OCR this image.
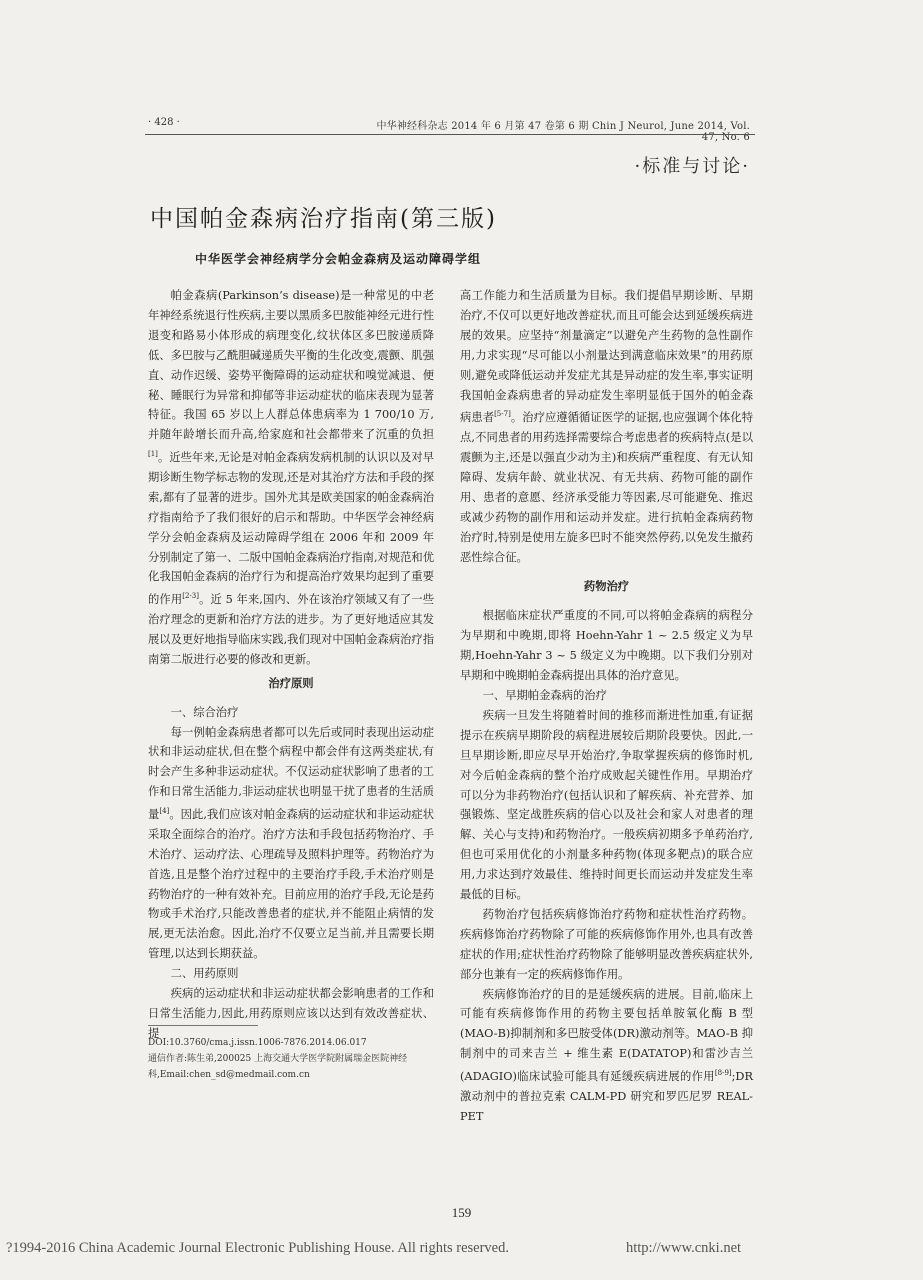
· 428 ·	中华神经科杂志 2014 年 6 月第 47 卷第 6 期 Chin J Neurol, June 2014, Vol. 47, No. 6
·标准与讨论·
中国帕金森病治疗指南(第三版)
中华医学会神经病学分会帕金森病及运动障碍学组

帕金森病(Parkinson’s disease)是一种常见的中老年神经系统退行性疾病,主要以黑质多巴胺能神经元进行性退变和路易小体形成的病理变化,纹状体区多巴胺递质降低、多巴胺与乙酰胆碱递质失平衡的生化改变,震颤、肌强直、动作迟缓、姿势平衡障碍的运动症状和嗅觉减退、便秘、睡眠行为异常和抑郁等非运动症状的临床表现为显著特征。我国 65 岁以上人群总体患病率为 1 700/10 万,并随年龄增长而升高,给家庭和社会都带来了沉重的负担[1]。近些年来,无论是对帕金森病发病机制的认识以及对早期诊断生物学标志物的发现,还是对其治疗方法和手段的探索,都有了显著的进步。国外尤其是欧美国家的帕金森病治疗指南给予了我们很好的启示和帮助。中华医学会神经病学分会帕金森病及运动障碍学组在 2006 年和 2009 年分别制定了第一、二版中国帕金森病治疗指南,对规范和优化我国帕金森病的治疗行为和提高治疗效果均起到了重要的作用[2-3]。近 5 年来,国内、外在该治疗领域又有了一些治疗理念的更新和治疗方法的进步。为了更好地适应其发展以及更好地指导临床实践,我们现对中国帕金森病治疗指南第二版进行必要的修改和更新。

治疗原则

一、综合治疗

每一例帕金森病患者都可以先后或同时表现出运动症状和非运动症状,但在整个病程中都会伴有这两类症状,有时会产生多种非运动症状。不仅运动症状影响了患者的工作和日常生活能力,非运动症状也明显干扰了患者的生活质量[4]。因此,我们应该对帕金森病的运动症状和非运动症状采取全面综合的治疗。治疗方法和手段包括药物治疗、手术治疗、运动疗法、心理疏导及照料护理等。药物治疗为首选,且是整个治疗过程中的主要治疗手段,手术治疗则是药物治疗的一种有效补充。目前应用的治疗手段,无论是药物或手术治疗,只能改善患者的症状,并不能阻止病情的发展,更无法治愈。因此,治疗不仅要立足当前,并且需要长期管理,以达到长期获益。

二、用药原则

疾病的运动症状和非运动症状都会影响患者的工作和日常生活能力,因此,用药原则应该以达到有效改善症状、提

DOI:10.3760/cma.j.issn.1006-7876.2014.06.017

通信作者:陈生弟,200025 上海交通大学医学院附属瑞金医院神经科,Email:chen_sd@medmail.com.cn

高工作能力和生活质量为目标。我们提倡早期诊断、早期治疗,不仅可以更好地改善症状,而且可能会达到延缓疾病进展的效果。应坚持“剂量滴定”以避免产生药物的急性副作用,力求实现“尽可能以小剂量达到满意临床效果”的用药原则,避免或降低运动并发症尤其是异动症的发生率,事实证明我国帕金森病患者的异动症发生率明显低于国外的帕金森病患者[5-7]。治疗应遵循循证医学的证据,也应强调个体化特点,不同患者的用药选择需要综合考虑患者的疾病特点(是以震颤为主,还是以强直少动为主)和疾病严重程度、有无认知障碍、发病年龄、就业状况、有无共病、药物可能的副作用、患者的意愿、经济承受能力等因素,尽可能避免、推迟或减少药物的副作用和运动并发症。进行抗帕金森病药物治疗时,特别是使用左旋多巴时不能突然停药,以免发生撤药恶性综合征。

药物治疗

根据临床症状严重度的不同,可以将帕金森病的病程分为早期和中晚期,即将 Hoehn-Yahr 1 ~ 2.5 级定义为早期,Hoehn-Yahr 3 ~ 5 级定义为中晚期。以下我们分别对早期和中晚期帕金森病提出具体的治疗意见。

一、早期帕金森病的治疗

疾病一旦发生将随着时间的推移而渐进性加重,有证据提示在疾病早期阶段的病程进展较后期阶段要快。因此,一旦早期诊断,即应尽早开始治疗,争取掌握疾病的修饰时机,对今后帕金森病的整个治疗成败起关键性作用。早期治疗可以分为非药物治疗(包括认识和了解疾病、补充营养、加强锻炼、坚定战胜疾病的信心以及社会和家人对患者的理解、关心与支持)和药物治疗。一般疾病初期多予单药治疗,但也可采用优化的小剂量多种药物(体现多靶点)的联合应用,力求达到疗效最佳、维持时间更长而运动并发症发生率最低的目标。

药物治疗包括疾病修饰治疗药物和症状性治疗药物。疾病修饰治疗药物除了可能的疾病修饰作用外,也具有改善症状的作用;症状性治疗药物除了能够明显改善疾病症状外,部分也兼有一定的疾病修饰作用。

疾病修饰治疗的目的是延缓疾病的进展。目前,临床上可能有疾病修饰作用的药物主要包括单胺氧化酶 B 型(MAO-B)抑制剂和多巴胺受体(DR)激动剂等。MAO-B 抑制剂中的司来吉兰 + 维生素 E(DATATOP)和雷沙吉兰(ADAGIO)临床试验可能具有延缓疾病进展的作用[8-9];DR 激动剂中的普拉克索 CALM-PD 研究和罗匹尼罗 REAL-PET

159
?1994-2016 China Academic Journal Electronic Publishing House. All rights reserved.	http://www.cnki.net
